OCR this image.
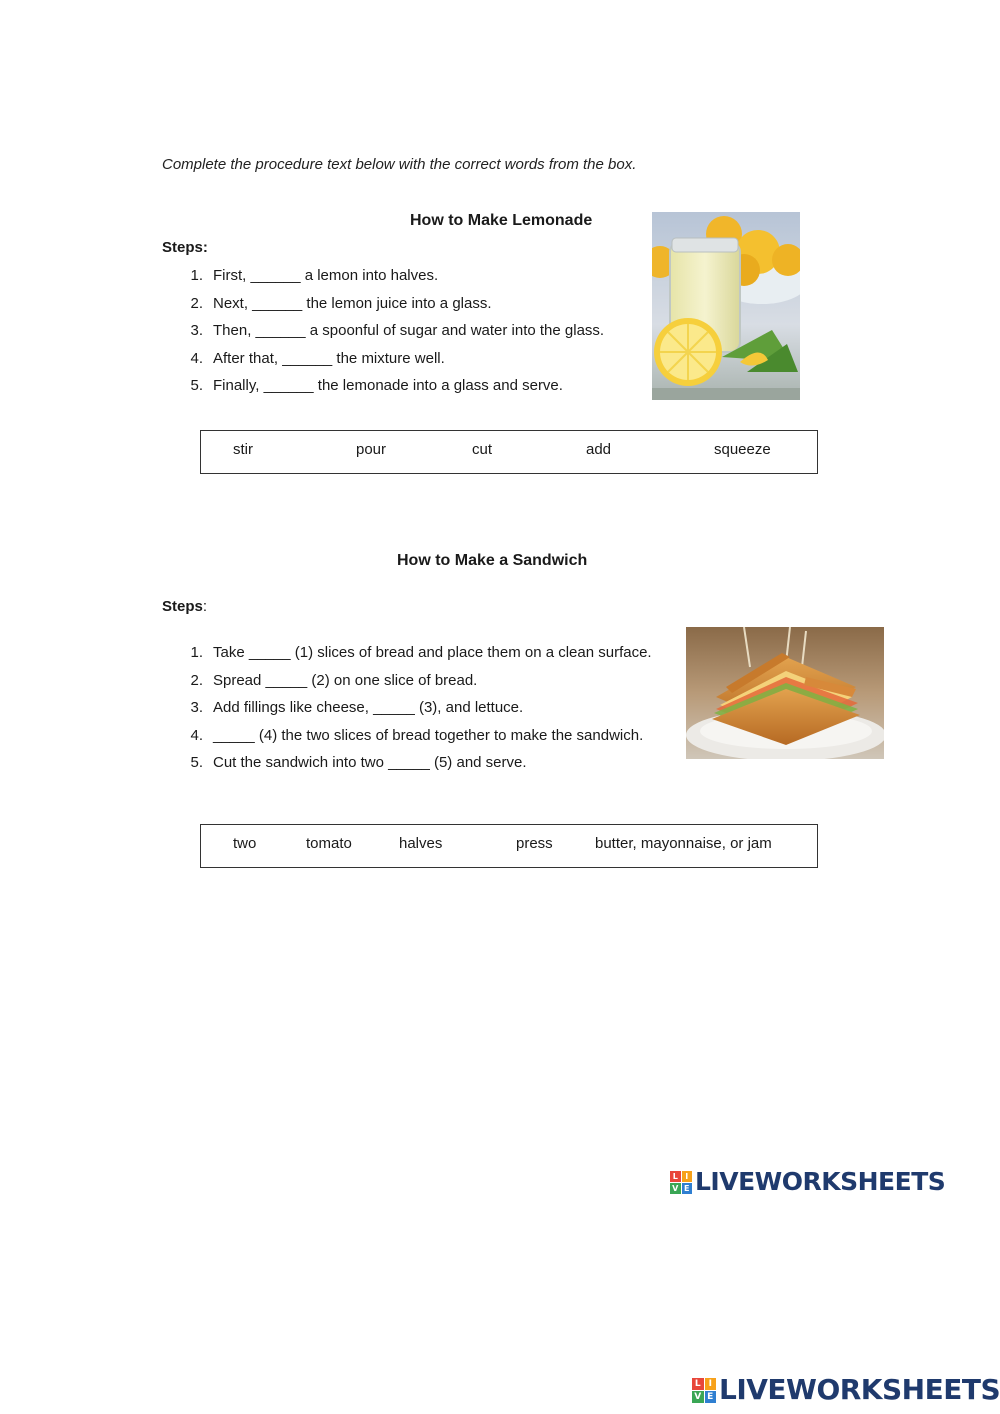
Complete the procedure text below with the correct words from the box.
How to Make Lemonade
Steps:
1. First, ______ a lemon into halves.
2. Next, ______ the lemon juice into a glass.
3. Then, ______ a spoonful of sugar and water into the glass.
4. After that, ______ the mixture well.
5. Finally, ______ the lemonade into a glass and serve.
stir	pour	cut	add	squeeze
How to Make a Sandwich
Steps:
1. Take _____ (1) slices of bread and place them on a clean surface.
2. Spread _____ (2) on one slice of bread.
3. Add fillings like cheese, _____ (3), and lettuce.
4. _____ (4) the two slices of bread together to make the sandwich.
5. Cut the sandwich into two _____ (5) and serve.
two	tomato	halves	press	butter, mayonnaise, or jam
L I
V E LIVEWORKSHEETS
L I
V E LIVEWORKSHEETS
